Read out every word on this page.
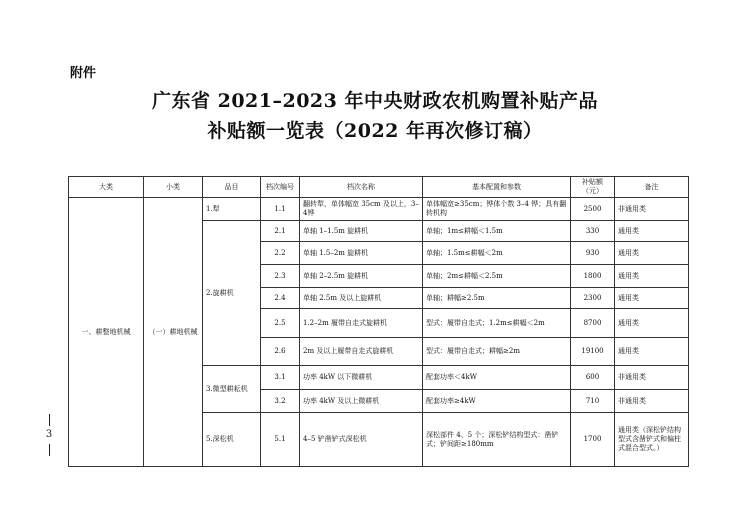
附件
广东省 2021–2023 年中央财政农机购置补贴产品
补贴额一览表（2022 年再次修订稿）
3
大类	小类	品目	档次编号	档次名称	基本配置和参数	补贴额（元）	备注
一、耕整地机械	（一）耕地机械	1.犁	1.1	翻转犁，单体幅宽 35cm 及以上，3–4铧	单体幅宽≥35cm；铧体个数 3–4 铧；具有翻转机构	2500	非通用类
		2.旋耕机	2.1	单轴 1–1.5m 旋耕机	单轴；1m≤耕幅＜1.5m	330	通用类
			2.2	单轴 1.5–2m 旋耕机	单轴；1.5m≤耕幅＜2m	930	通用类
			2.3	单轴 2–2.5m 旋耕机	单轴；2m≤耕幅＜2.5m	1800	通用类
			2.4	单轴 2.5m 及以上旋耕机	单轴；耕幅≥2.5m	2300	通用类
			2.5	1.2–2m 履带自走式旋耕机	型式：履带自走式；1.2m≤耕幅＜2m	8700	通用类
			2.6	2m 及以上履带自走式旋耕机	型式：履带自走式；耕幅≥2m	19100	通用类
		3.微型耕耘机	3.1	功率 4kW 以下微耕机	配套功率＜4kW	600	非通用类
			3.2	功率 4kW 及以上微耕机	配套功率≥4kW	710	非通用类
		5.深松机	5.1	4–5 铲凿铲式深松机	深松部件 4、5 个；深松铲结构型式：凿铲式；铲间距≥180mm	1700	通用类（深松铲结构型式含凿铲式和偏柱式混合型式。）
